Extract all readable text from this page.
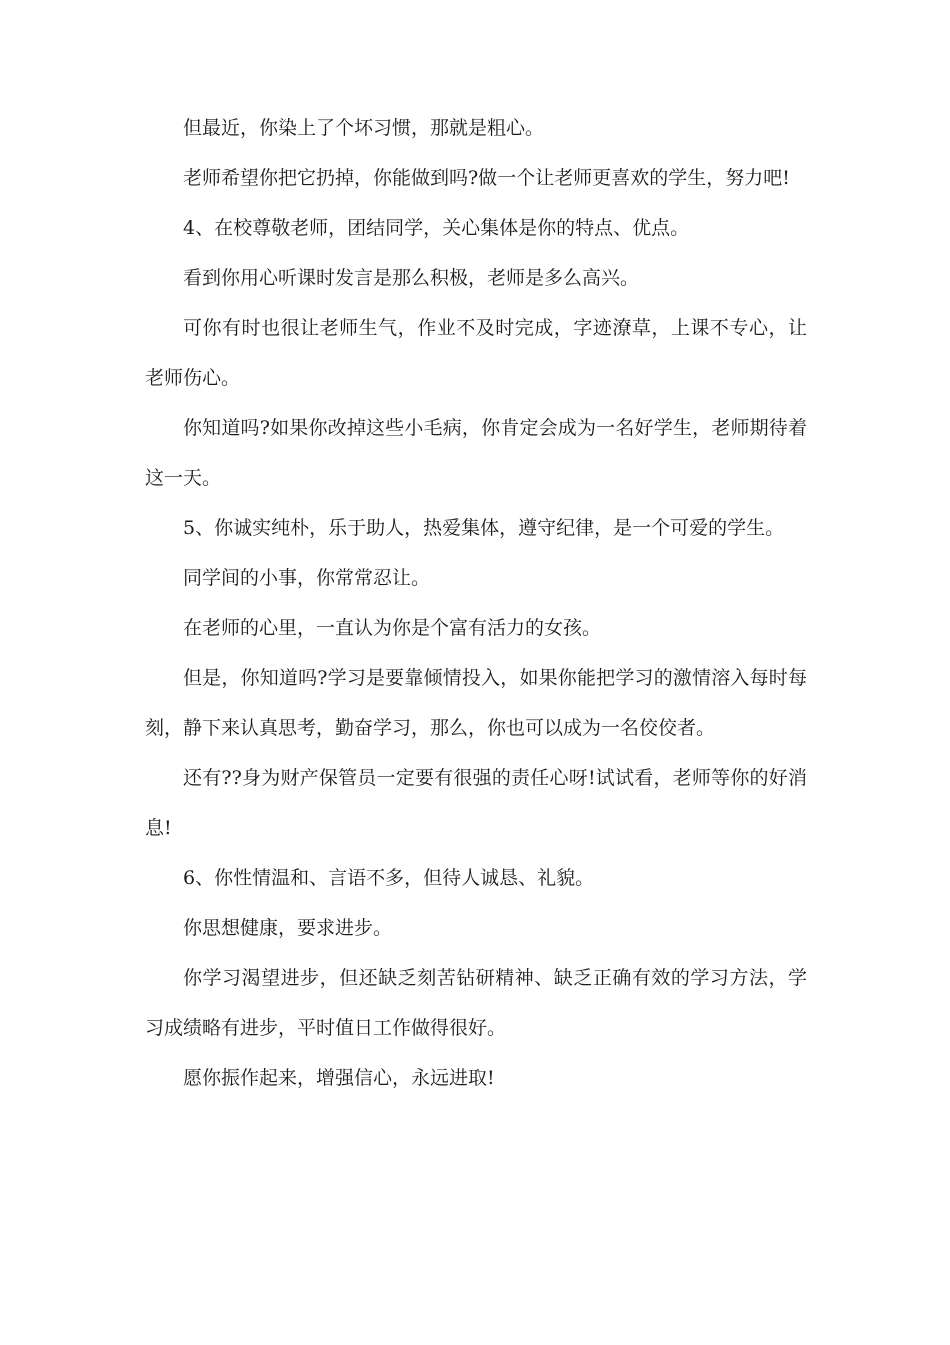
但最近，你染上了个坏习惯，那就是粗心。

老师希望你把它扔掉，你能做到吗?做一个让老师更喜欢的学生，努力吧!

4、在校尊敬老师，团结同学，关心集体是你的特点、优点。

看到你用心听课时发言是那么积极，老师是多么高兴。

可你有时也很让老师生气，作业不及时完成，字迹潦草，上课不专心，让老师伤心。

你知道吗?如果你改掉这些小毛病，你肯定会成为一名好学生，老师期待着这一天。

5、你诚实纯朴，乐于助人，热爱集体，遵守纪律，是一个可爱的学生。

同学间的小事，你常常忍让。

在老师的心里，一直认为你是个富有活力的女孩。

但是，你知道吗?学习是要靠倾情投入，如果你能把学习的激情溶入每时每刻，静下来认真思考，勤奋学习，那么，你也可以成为一名佼佼者。

还有??身为财产保管员一定要有很强的责任心呀!试试看，老师等你的好消息!

6、你性情温和、言语不多，但待人诚恳、礼貌。

你思想健康，要求进步。

你学习渴望进步，但还缺乏刻苦钻研精神、缺乏正确有效的学习方法，学习成绩略有进步，平时值日工作做得很好。

愿你振作起来，增强信心，永远进取!
